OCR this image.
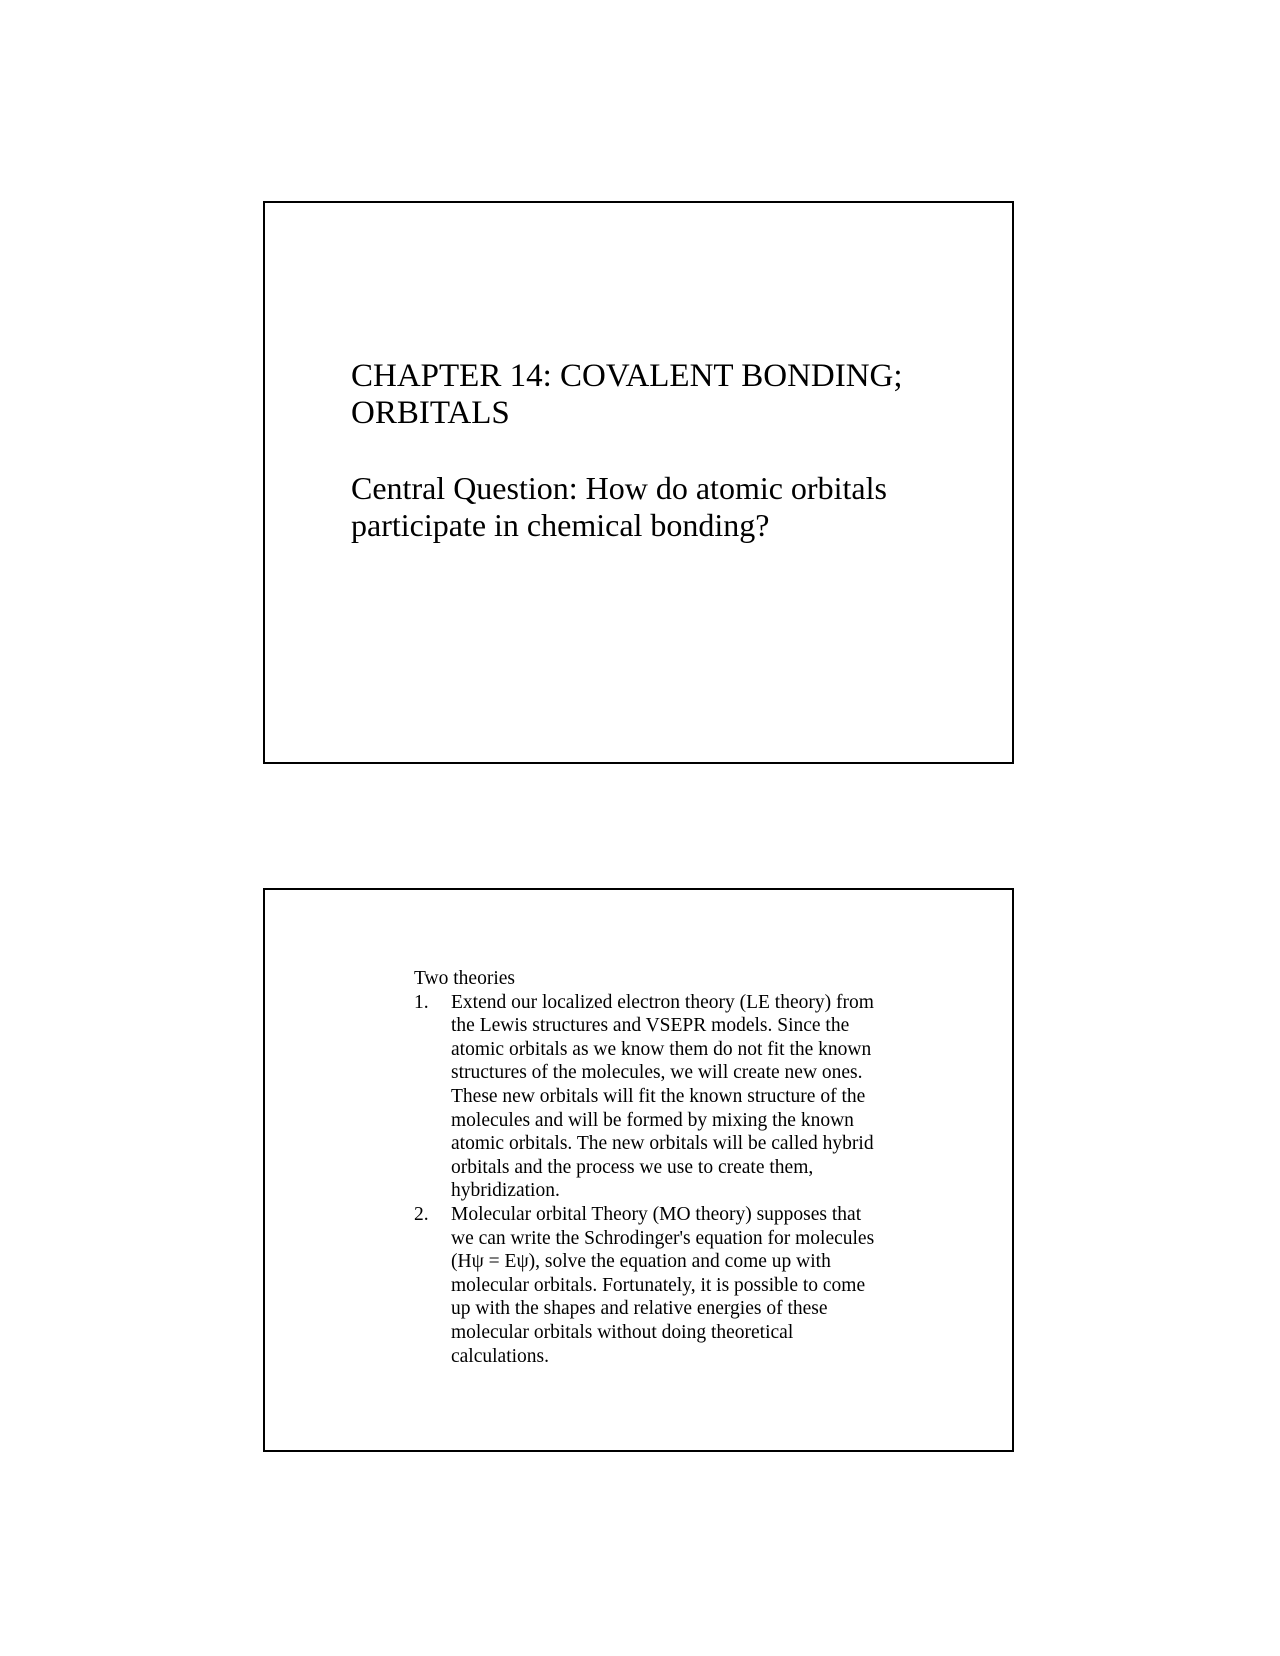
CHAPTER 14: COVALENT BONDING; ORBITALS

Central Question: How do atomic orbitals participate in chemical bonding?

Two theories

1. Extend our localized electron theory (LE theory) from the Lewis structures and VSEPR models. Since the atomic orbitals as we know them do not fit the known structures of the molecules, we will create new ones. These new orbitals will fit the known structure of the molecules and will be formed by mixing the known atomic orbitals. The new orbitals will be called hybrid orbitals and the process we use to create them, hybridization.
2. Molecular orbital Theory (MO theory) supposes that we can write the Schrodinger's equation for molecules (Hψ = Eψ), solve the equation and come up with molecular orbitals. Fortunately, it is possible to come up with the shapes and relative energies of these molecular orbitals without doing theoretical calculations.
